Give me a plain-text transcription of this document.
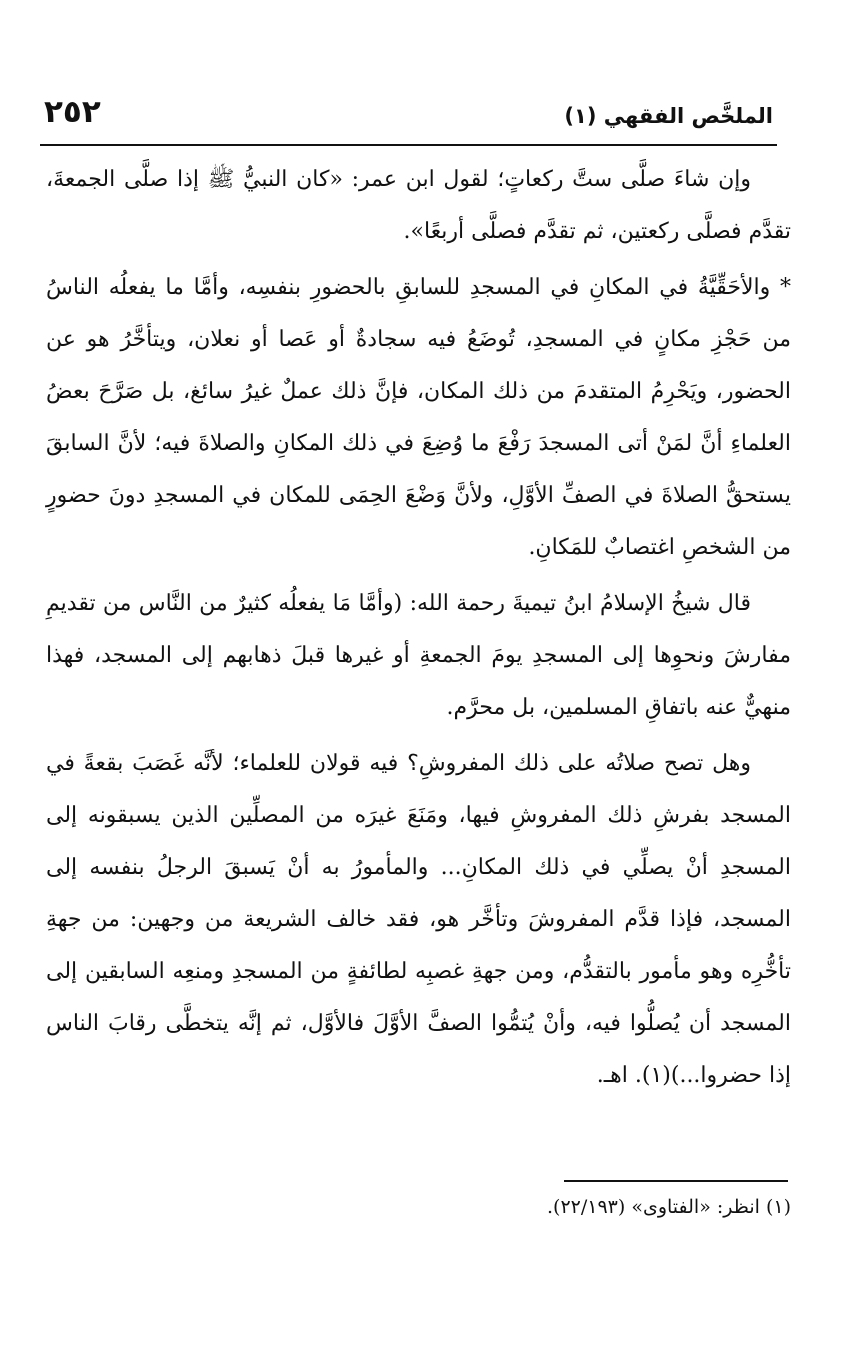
٢٥٢	الملخَّص الفقهي (١)

وإن شاءَ صلَّى ستَّ ركعاتٍ؛ لقول ابن عمر: «كان النبيُّ ﷺ إذا صلَّى الجمعةَ، تقدَّم فصلَّى ركعتين، ثم تقدَّم فصلَّى أربعًا».

* والأحَقِّيَّةُ في المكانِ في المسجدِ للسابقِ بالحضورِ بنفسِه، وأمَّا ما يفعلُه الناسُ من حَجْزِ مكانٍ في المسجدِ، تُوضَعُ فيه سجادةٌ أو عَصا أو نعلان، ويتأخَّرُ هو عن الحضور، ويَحْرِمُ المتقدمَ من ذلك المكان، فإنَّ ذلك عملٌ غيرُ سائغ، بل صَرَّحَ بعضُ العلماءِ أنَّ لمَنْ أتى المسجدَ رَفْعَ ما وُضِعَ في ذلك المكانِ والصلاةَ فيه؛ لأنَّ السابقَ يستحقُّ الصلاةَ في الصفِّ الأوَّلِ، ولأنَّ وَضْعَ الحِمَى للمكان في المسجدِ دونَ حضورٍ من الشخصِ اغتصابٌ للمَكانِ.

قال شيخُ الإسلامُ ابنُ تيميةَ رحمة الله: (وأمَّا مَا يفعلُه كثيرٌ من النَّاس من تقديمِ مفارشَ ونحوِها إلى المسجدِ يومَ الجمعةِ أو غيرها قبلَ ذهابهم إلى المسجد، فهذا منهيٌّ عنه باتفاقِ المسلمين، بل محرَّم.

وهل تصح صلاتُه على ذلك المفروشِ؟ فيه قولان للعلماء؛ لأنَّه غَصَبَ بقعةً في المسجد بفرشِ ذلك المفروشِ فيها، ومَنَعَ غيرَه من المصلِّين الذين يسبقونه إلى المسجدِ أنْ يصلِّي في ذلك المكانِ... والمأمورُ به أنْ يَسبقَ الرجلُ بنفسه إلى المسجد، فإذا قدَّم المفروشَ وتأخَّر هو، فقد خالف الشريعة من وجهين: من جهةِ تأخُّرِه وهو مأمور بالتقدُّم، ومن جهةِ غصبِه لطائفةٍ من المسجدِ ومنعِه السابقين إلى المسجد أن يُصلُّوا فيه، وأنْ يُتمُّوا الصفَّ الأوَّلَ فالأوَّل، ثم إنَّه يتخطَّى رقابَ الناس إذا حضروا...)(١). اهـ.

(١) انظر: «الفتاوى» (٢٢/١٩٣).
